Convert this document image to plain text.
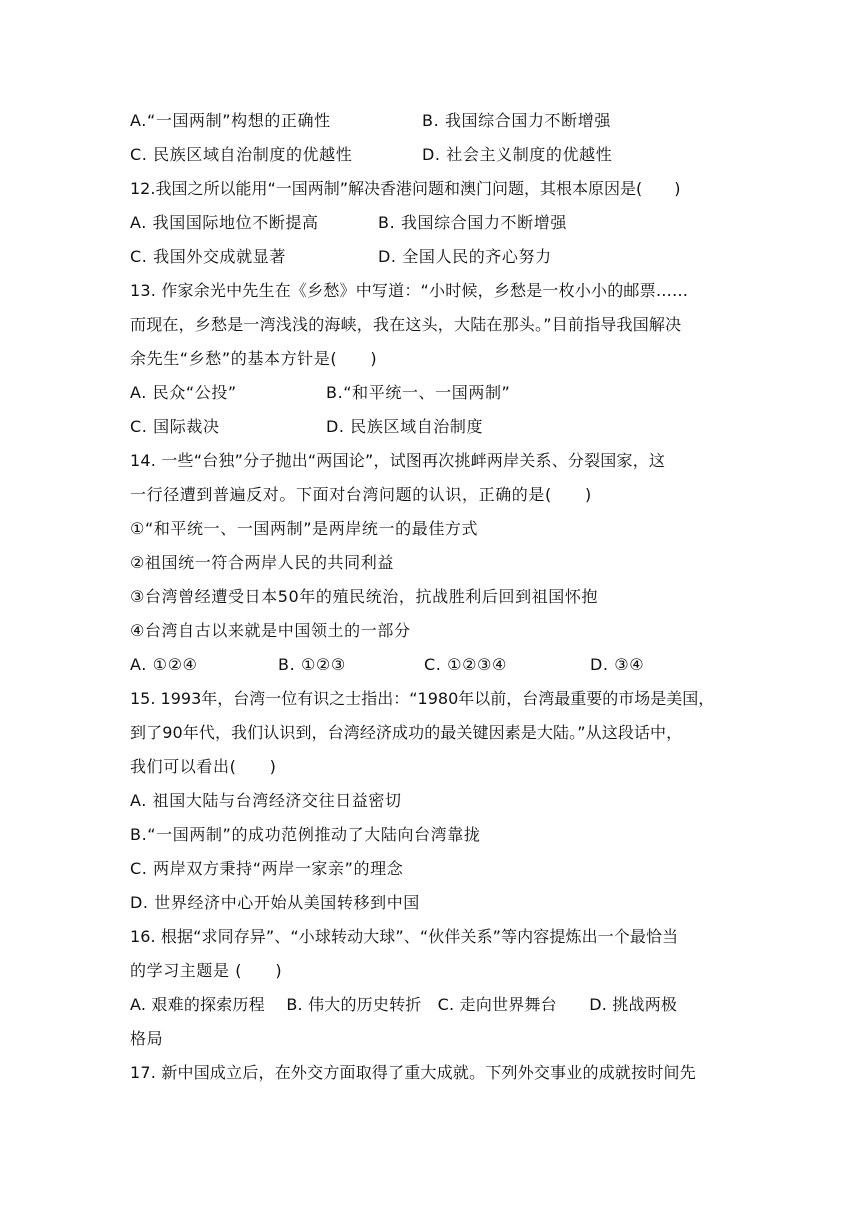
A.“一国两制”构想的正确性	B. 我国综合国力不断增强
C. 民族区域自治制度的优越性	D. 社会主义制度的优越性
12.我国之所以能用“一国两制”解决香港问题和澳门问题，其根本原因是(　　)
A. 我国国际地位不断提高	B. 我国综合国力不断增强
C. 我国外交成就显著	D. 全国人民的齐心努力
13. 作家余光中先生在《乡愁》中写道：“小时候，乡愁是一枚小小的邮票……
而现在，乡愁是一湾浅浅的海峡，我在这头，大陆在那头。”目前指导我国解决
余先生“乡愁”的基本方针是(　　)
A. 民众“公投”	B.“和平统一、一国两制”
C. 国际裁决	D. 民族区域自治制度
14. 一些“台独”分子抛出“两国论”，试图再次挑衅两岸关系、分裂国家，这
一行径遭到普遍反对。下面对台湾问题的认识，正确的是(　　)
①“和平统一、一国两制”是两岸统一的最佳方式
②祖国统一符合两岸人民的共同利益
③台湾曾经遭受日本50年的殖民统治，抗战胜利后回到祖国怀抱
④台湾自古以来就是中国领土的一部分
A. ①②④	B. ①②③	C. ①②③④	D. ③④
15. 1993年，台湾一位有识之士指出：“1980年以前，台湾最重要的市场是美国，
到了90年代，我们认识到，台湾经济成功的最关键因素是大陆。”从这段话中，
我们可以看出(　　)
A. 祖国大陆与台湾经济交往日益密切
B.“一国两制”的成功范例推动了大陆向台湾靠拢
C. 两岸双方秉持“两岸一家亲”的理念
D. 世界经济中心开始从美国转移到中国
16. 根据“求同存异”、“小球转动大球”、“伙伴关系”等内容提炼出一个最恰当
的学习主题是 (　　)
A. 艰难的探索历程　 B. 伟大的历史转折　C. 走向世界舞台　　D. 挑战两极
格局
17. 新中国成立后，在外交方面取得了重大成就。下列外交事业的成就按时间先
